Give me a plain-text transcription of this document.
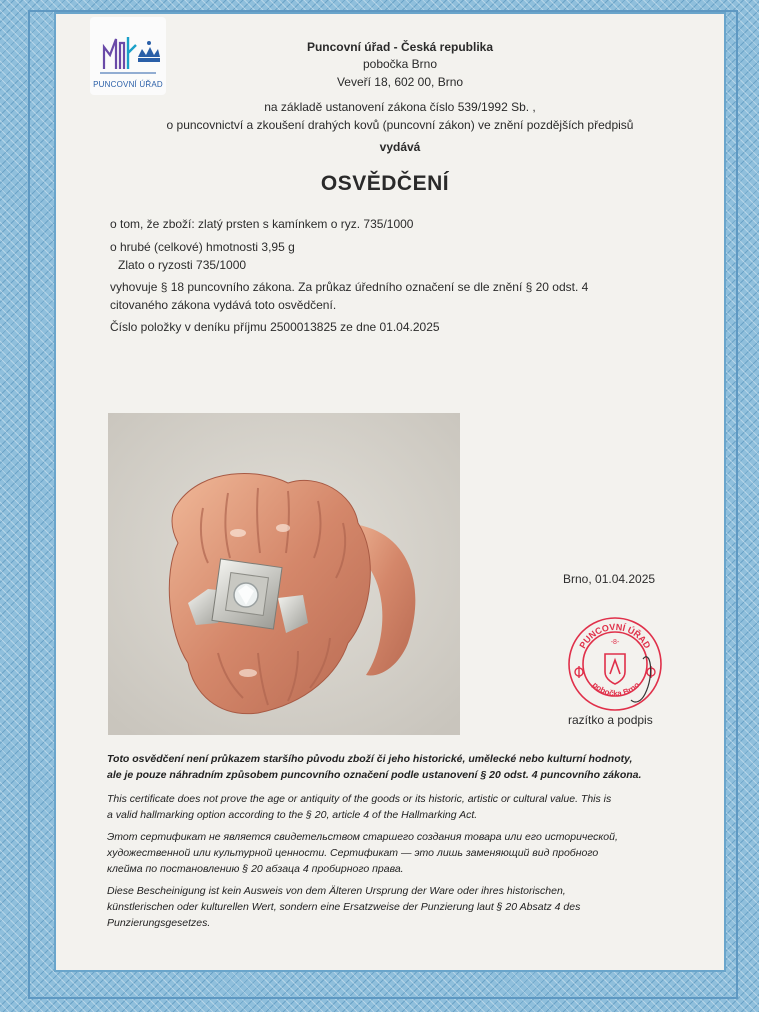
PUNCOVNÍ ÚŘAD
Puncovní úřad - Česká republika
pobočka Brno
Veveří 18, 602 00, Brno
na základě ustanovení zákona číslo 539/1992 Sb. ,
o puncovnictví a zkoušení drahých kovů (puncovní zákon) ve znění pozdějších předpisů
vydává
OSVĚDČENÍ
o tom, že zboží: zlatý prsten s kamínkem o ryz. 735/1000
o hrubé (celkové) hmotnosti 3,95 g
Zlato o ryzosti 735/1000
vyhovuje § 18 puncovního zákona. Za průkaz úředního označení se dle znění § 20 odst. 4
citovaného zákona vydává toto osvědčení.
Číslo položky v deníku příjmu 2500013825 ze dne 01.04.2025
Brno, 01.04.2025
PUNCOVNÍ ÚŘAD
-8-
pobočka Brno
razítko a podpis
Toto osvědčení není průkazem staršího původu zboží či jeho historické, umělecké nebo kulturní hodnoty,
ale je pouze náhradním způsobem puncovního označení podle ustanovení § 20 odst. 4 puncovního zákona.
This certificate does not prove the age or antiquity of the goods or its historic, artistic or cultural value. This is
a valid hallmarking option according to the § 20, article 4 of the Hallmarking Act.
Этот сертификат не является свидетельством старшего создания товара или его исторической,
художественной или культурной ценности. Сертификат — это лишь заменяющий вид пробного
клейма по постановлению § 20 абзаца 4 пробирного права.
Diese Bescheinigung ist kein Ausweis von dem Älteren Ursprung der Ware oder ihres historischen,
künstlerischen oder kulturellen Wert, sondern eine Ersatzweise der Punzierung laut § 20 Absatz 4 des
Punzierungsgesetzes.
